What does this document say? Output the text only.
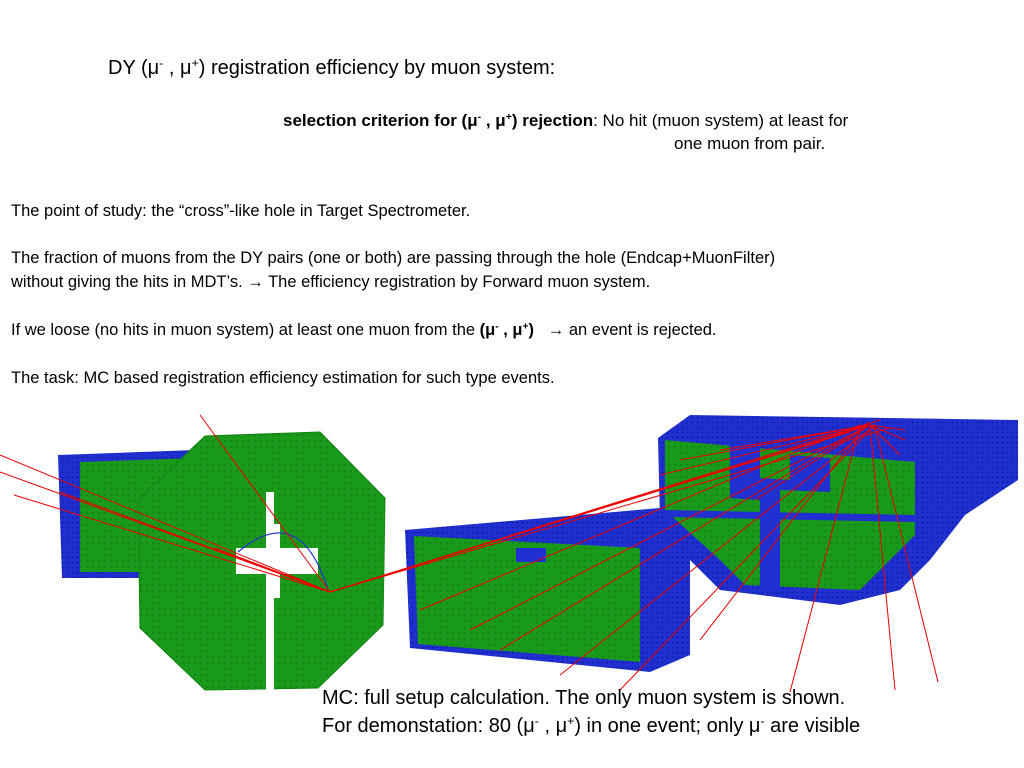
DY (μ- , μ+) registration efficiency by muon system:

selection criterion for (μ- , μ+) rejection: No hit (muon system) at least for

one muon from pair.

The point of study: the “cross”-like hole in Target Spectrometer.

The fraction of muons from the DY pairs (one or both) are passing through the hole (Endcap+MuonFilter)
without giving the hits in MDT’s. → The efficiency registration by Forward muon system.

If we loose (no hits in muon system) at least one muon from the (μ- , μ+) → an event is rejected.

The task: MC based registration efficiency estimation for such type events.

MC: full setup calculation. The only muon system is shown.

For demonstation: 80 (μ- , μ+) in one event; only μ- are visible
